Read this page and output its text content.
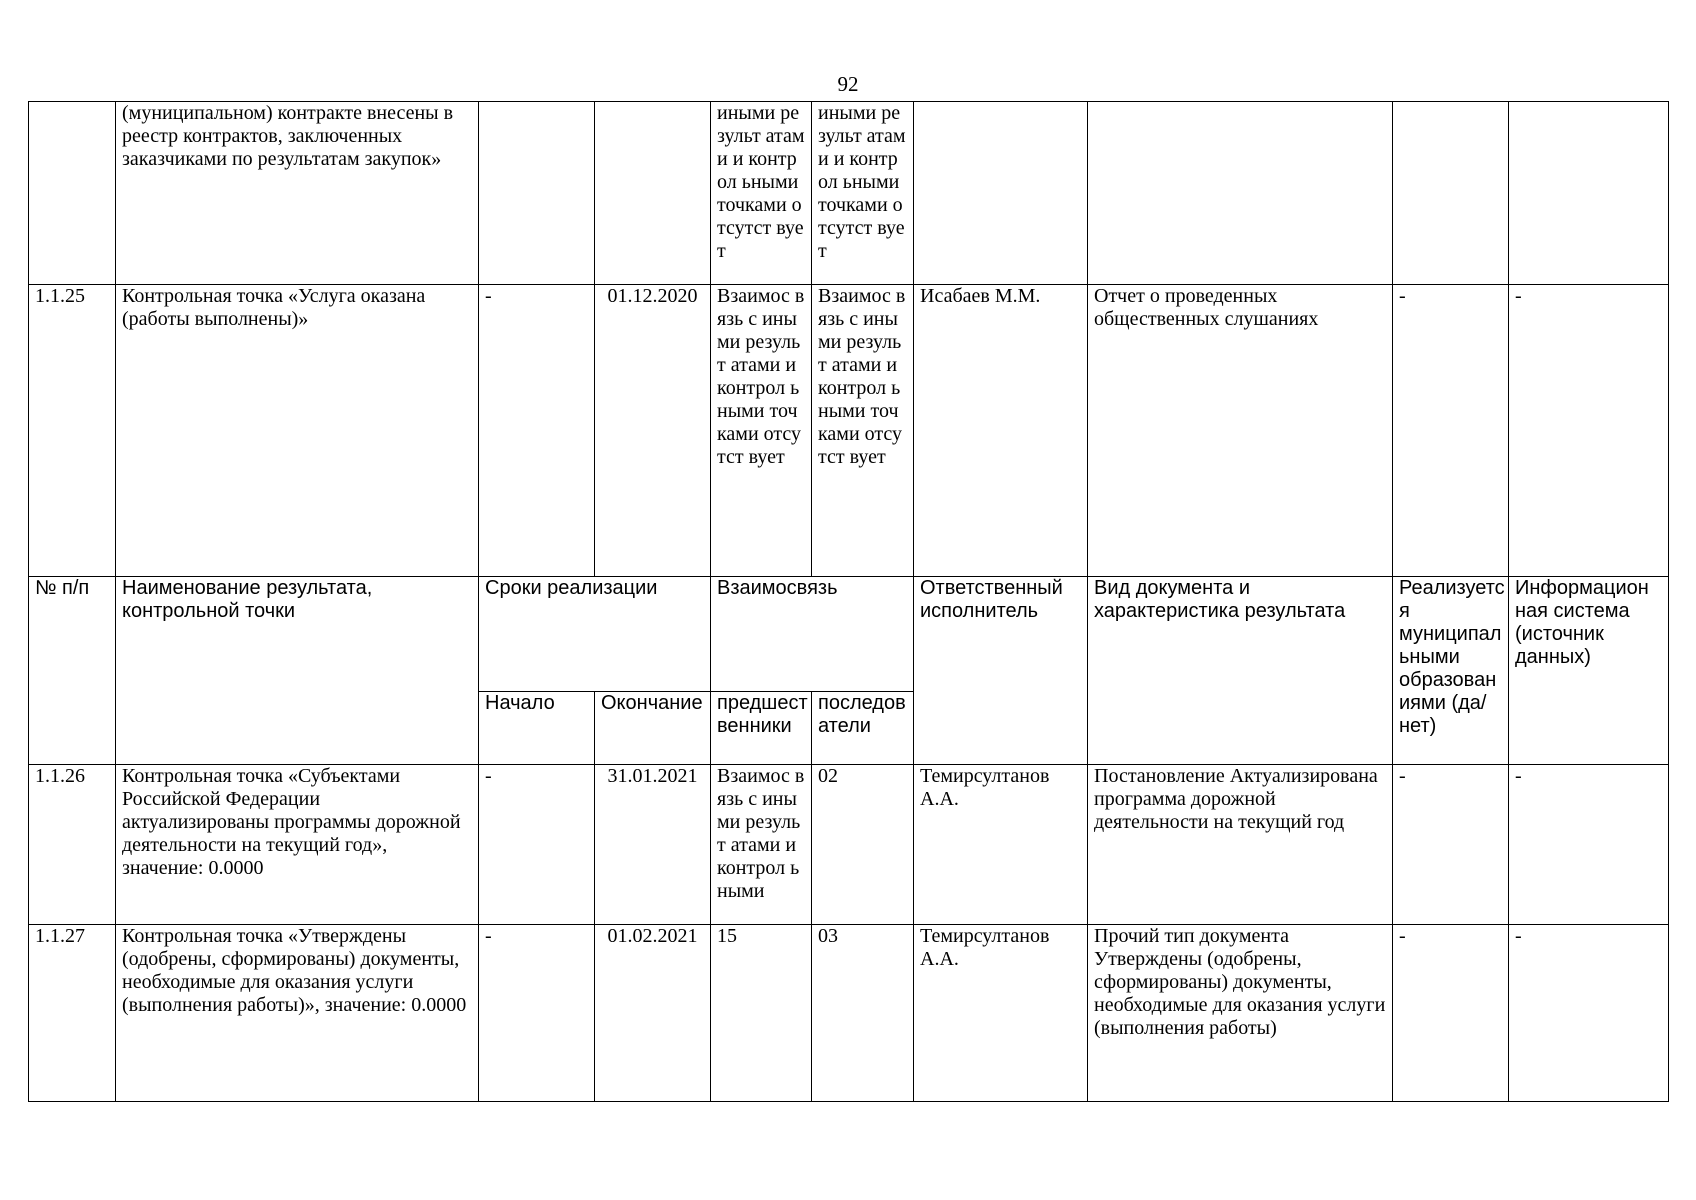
92
	(муниципальном) контракте внесены в реестр контрактов, заключенных заказчиками по результатам закупок»			иными результ атами и контрол ьными точками отсутст вует	иными результ атами и контрол ьными точками отсутст вует				
1.1.25	Контрольная точка «Услуга оказана (работы выполнены)»	-	01.12.2020	Взаимос вязь с иными результ атами и контрол ьными точками отсутст вует	Взаимос вязь с иными результ атами и контрол ьными точками отсутст вует	Исабаев М.М.	Отчет о проведенных общественных слушаниях	-	-
№ п/п	Наименование результата, контрольной точки	Сроки реализации		Взаимосвязь		Ответственный исполнитель	Вид документа и характеристика результата	Реализуетс я муниципал ьными образован иями (да/нет)	Информацион ная система (источник данных)
		Начало	Окончание	предшест венники	последов атели				
1.1.26	Контрольная точка «Субъектами Российской Федерации актуализированы программы дорожной деятельности на текущий год», значение: 0.0000	-	31.01.2021	Взаимос вязь с иными результ атами и контрол ьными	02	Темирсултанов А.А.	Постановление Актуализирована программа дорожной деятельности на текущий год	-	-
1.1.27	Контрольная точка «Утверждены (одобрены, сформированы) документы, необходимые для оказания услуги (выполнения работы)», значение: 0.0000	-	01.02.2021	15	03	Темирсултанов А.А.	Прочий тип документа Утверждены (одобрены, сформированы) документы, необходимые для оказания услуги (выполнения работы)	-	-
